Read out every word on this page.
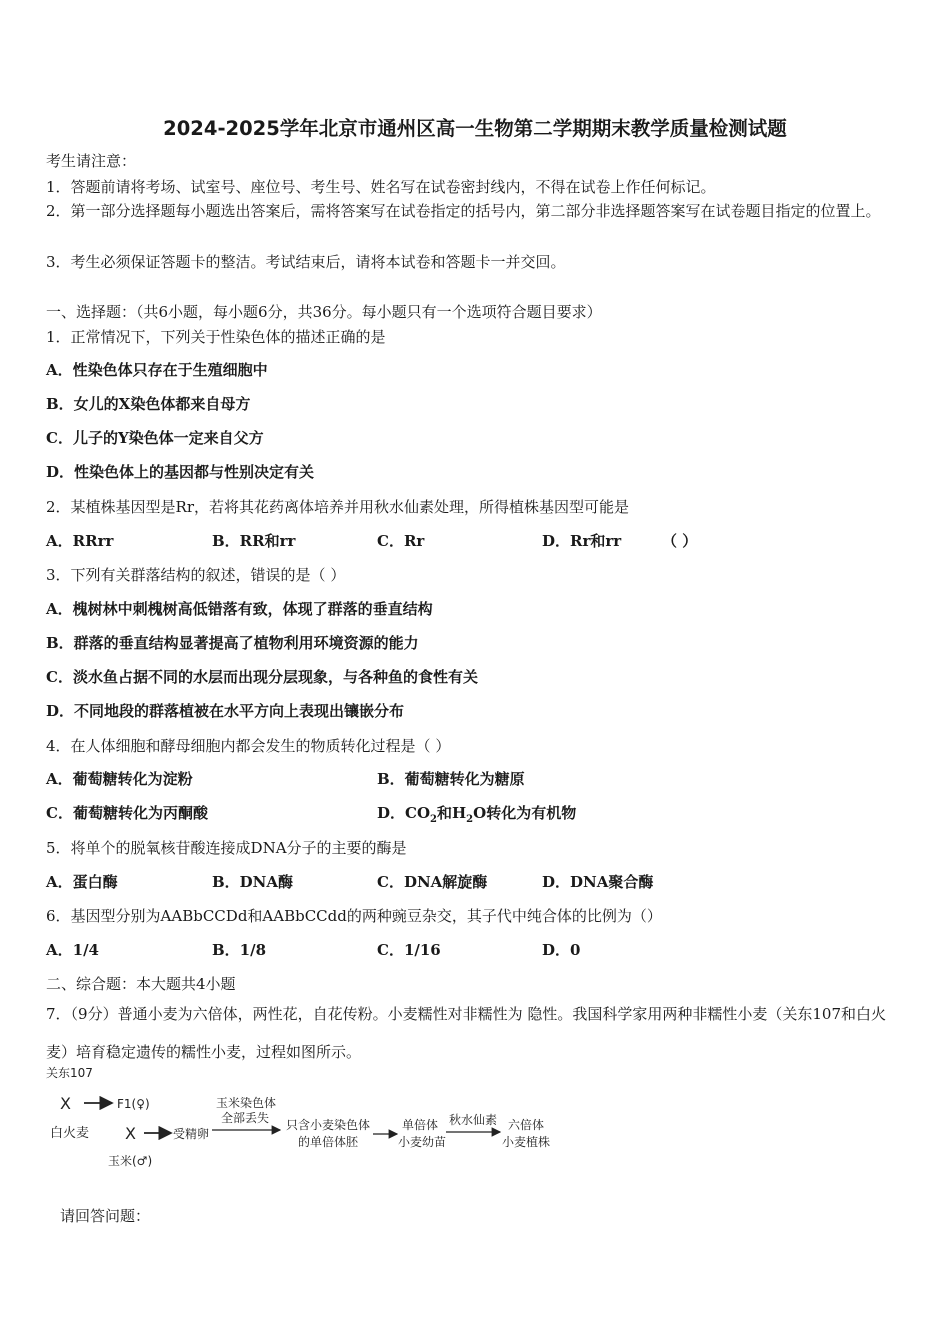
2024-2025学年北京市通州区高一生物第二学期期末教学质量检测试题
考生请注意：
1．答题前请将考场、试室号、座位号、考生号、姓名写在试卷密封线内，不得在试卷上作任何标记。
2．第一部分选择题每小题选出答案后，需将答案写在试卷指定的括号内，第二部分非选择题答案写在试卷题目指定的位置上。
3．考生必须保证答题卡的整洁。考试结束后，请将本试卷和答题卡一并交回。
一、选择题：（共6小题，每小题6分，共36分。每小题只有一个选项符合题目要求）
1．正常情况下，下列关于性染色体的描述正确的是
A．性染色体只存在于生殖细胞中
B．女儿的X染色体都来自母方
C．儿子的Y染色体一定来自父方
D．性染色体上的基因都与性别决定有关
2．某植株基因型是Rr，若将其花药离体培养并用秋水仙素处理，所得植株基因型可能是
A．RRrr	B．RR和rr	C．Rr	D．Rr和rr	（ ）
3．下列有关群落结构的叙述，错误的是（ ）
A．槐树林中刺槐树高低错落有致，体现了群落的垂直结构
B．群落的垂直结构显著提高了植物利用环境资源的能力
C．淡水鱼占据不同的水层而出现分层现象，与各种鱼的食性有关
D．不同地段的群落植被在水平方向上表现出镶嵌分布
4．在人体细胞和酵母细胞内都会发生的物质转化过程是（ ）
A．葡萄糖转化为淀粉	B．葡萄糖转化为糖原
C．葡萄糖转化为丙酮酸	D．$CO_2$和$H_2O$转化为有机物
5．将单个的脱氧核苷酸连接成DNA分子的主要的酶是
A．蛋白酶	B．DNA酶	C．DNA解旋酶	D．DNA聚合酶
6．基因型分别为AABbCCDd和AABbCCdd的两种豌豆杂交，其子代中纯合体的比例为（）
A．1/4	B．1/8	C．1/16	D．0
二、综合题：本大题共4小题
7．（9分）普通小麦为六倍体，两性花，自花传粉。小麦糯性对非糯性为 隐性。我国科学家用两种非糯性小麦（关东107和白火麦）培育稳定遗传的糯性小麦，过程如图所示。
关东107
X	F1(♀)
白火麦 X	受精卵
玉米(♂)
玉米染色体
全部丢失 只含小麦染色体
的单倍体胚
单倍体
小麦幼苗
秋水仙素 六倍体
小麦植株
请回答问题：
